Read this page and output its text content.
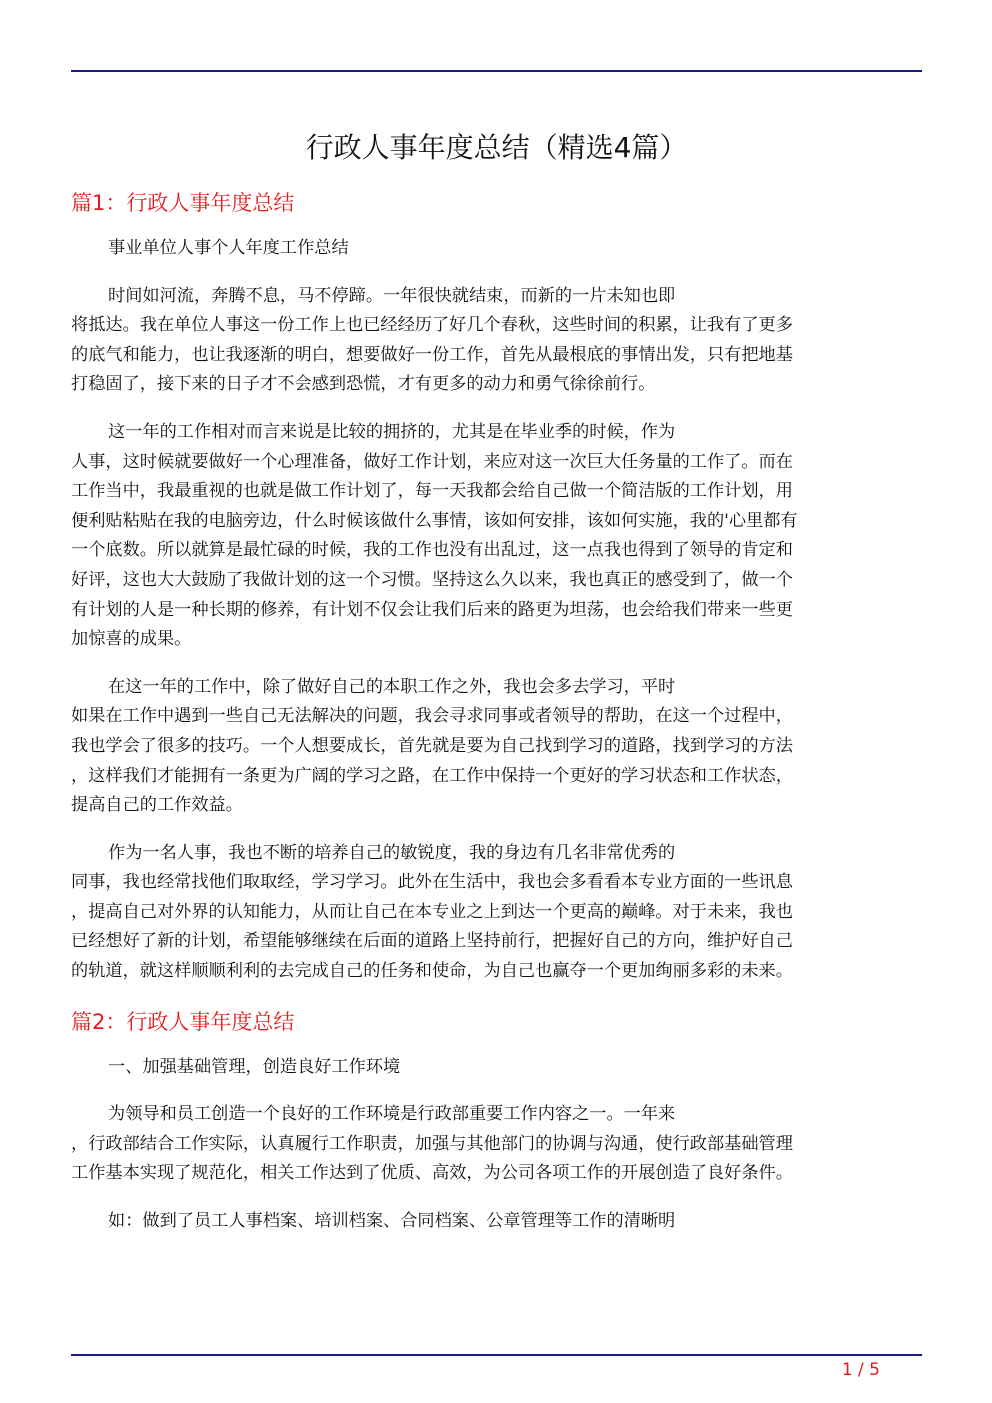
行政人事年度总结（精选4篇）
篇1：行政人事年度总结
事业单位人事个人年度工作总结
时间如河流，奔腾不息，马不停蹄。一年很快就结束，而新的一片未知也即
将抵达。我在单位人事这一份工作上也已经经历了好几个春秋，这些时间的积累，让我有了更多
的底气和能力，也让我逐渐的明白，想要做好一份工作，首先从最根底的事情出发，只有把地基
打稳固了，接下来的日子才不会感到恐慌，才有更多的动力和勇气徐徐前行。
这一年的工作相对而言来说是比较的拥挤的，尤其是在毕业季的时候，作为
人事，这时候就要做好一个心理准备，做好工作计划，来应对这一次巨大任务量的工作了。而在
工作当中，我最重视的也就是做工作计划了，每一天我都会给自己做一个简洁版的工作计划，用
便利贴粘贴在我的电脑旁边，什么时候该做什么事情，该如何安排，该如何实施，我的'心里都有
一个底数。所以就算是最忙碌的时候，我的工作也没有出乱过，这一点我也得到了领导的肯定和
好评，这也大大鼓励了我做计划的这一个习惯。坚持这么久以来，我也真正的感受到了，做一个
有计划的人是一种长期的修养，有计划不仅会让我们后来的路更为坦荡，也会给我们带来一些更
加惊喜的成果。
在这一年的工作中，除了做好自己的本职工作之外，我也会多去学习，平时
如果在工作中遇到一些自己无法解决的问题，我会寻求同事或者领导的帮助，在这一个过程中，
我也学会了很多的技巧。一个人想要成长，首先就是要为自己找到学习的道路，找到学习的方法
，这样我们才能拥有一条更为广阔的学习之路，在工作中保持一个更好的学习状态和工作状态，
提高自己的工作效益。
作为一名人事，我也不断的培养自己的敏锐度，我的身边有几名非常优秀的
同事，我也经常找他们取取经，学习学习。此外在生活中，我也会多看看本专业方面的一些讯息
，提高自己对外界的认知能力，从而让自己在本专业之上到达一个更高的巅峰。对于未来，我也
已经想好了新的计划，希望能够继续在后面的道路上坚持前行，把握好自己的方向，维护好自己
的轨道，就这样顺顺利利的去完成自己的任务和使命，为自己也赢夺一个更加绚丽多彩的未来。
篇2：行政人事年度总结
一、加强基础管理，创造良好工作环境
为领导和员工创造一个良好的工作环境是行政部重要工作内容之一。一年来
，行政部结合工作实际，认真履行工作职责，加强与其他部门的协调与沟通，使行政部基础管理
工作基本实现了规范化，相关工作达到了优质、高效，为公司各项工作的开展创造了良好条件。
如：做到了员工人事档案、培训档案、合同档案、公章管理等工作的清晰明
1 / 5
